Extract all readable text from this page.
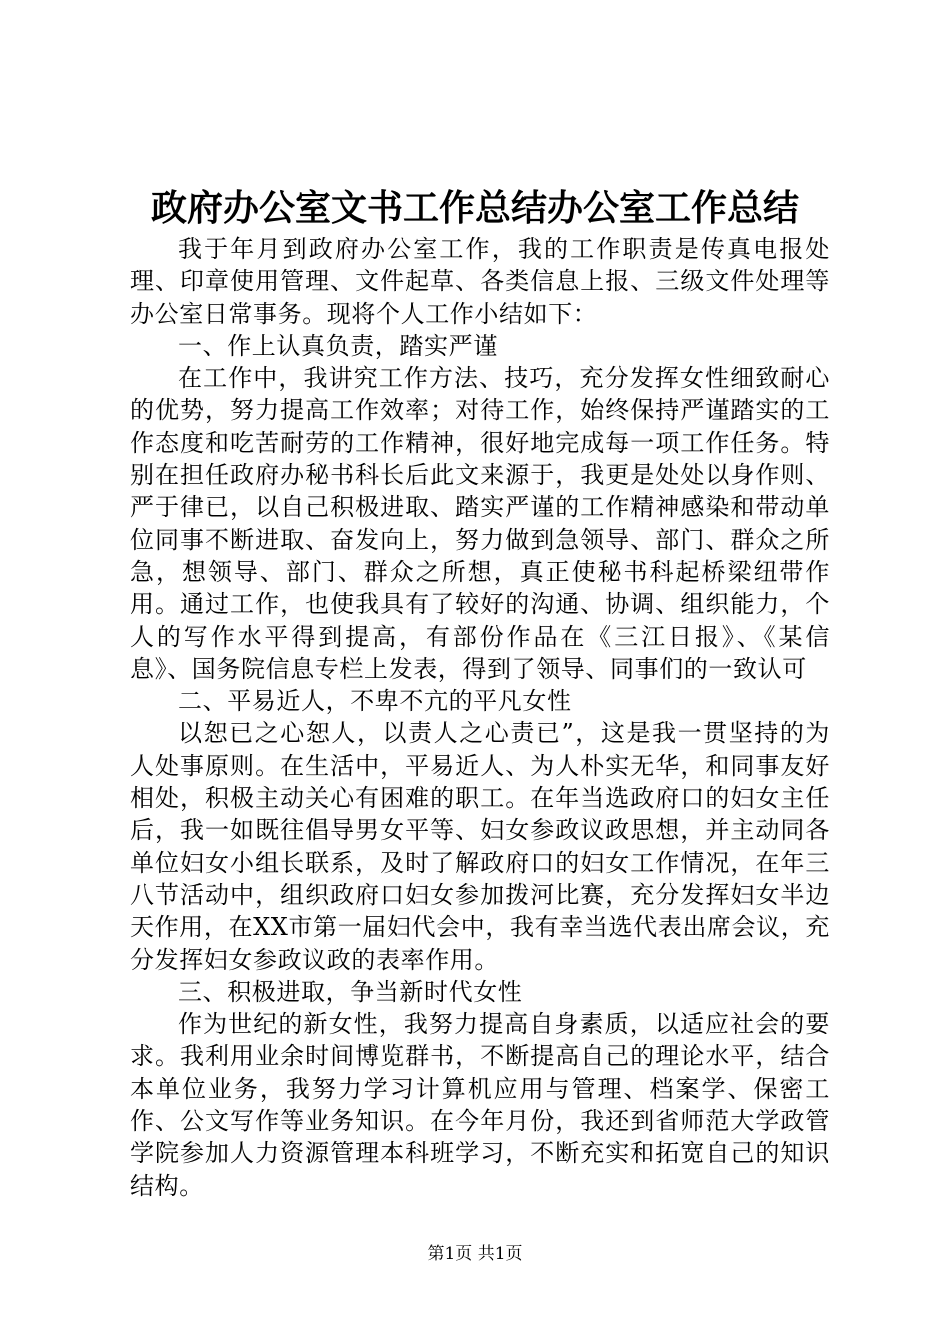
政府办公室文书工作总结办公室工作总结

我于年月到政府办公室工作，我的工作职责是传真电报处理、印章使用管理、文件起草、各类信息上报、三级文件处理等办公室日常事务。现将个人工作小结如下：

一、作上认真负责，踏实严谨

在工作中，我讲究工作方法、技巧，充分发挥女性细致耐心的优势，努力提高工作效率；对待工作，始终保持严谨踏实的工作态度和吃苦耐劳的工作精神，很好地完成每一项工作任务。特别在担任政府办秘书科长后此文来源于，我更是处处以身作则、严于律已，以自己积极进取、踏实严谨的工作精神感染和带动单位同事不断进取、奋发向上，努力做到急领导、部门、群众之所急，想领导、部门、群众之所想，真正使秘书科起桥梁纽带作用。通过工作，也使我具有了较好的沟通、协调、组织能力，个人的写作水平得到提高，有部份作品在《三江日报》、《某信息》、国务院信息专栏上发表，得到了领导、同事们的一致认可

二、平易近人，不卑不亢的平凡女性

以恕已之心恕人，以责人之心责已”，这是我一贯坚持的为人处事原则。在生活中，平易近人、为人朴实无华，和同事友好相处，积极主动关心有困难的职工。在年当选政府口的妇女主任后，我一如既往倡导男女平等、妇女参政议政思想，并主动同各单位妇女小组长联系，及时了解政府口的妇女工作情况，在年三八节活动中，组织政府口妇女参加拨河比赛，充分发挥妇女半边天作用，在XX市第一届妇代会中，我有幸当选代表出席会议，充分发挥妇女参政议政的表率作用。

三、积极进取，争当新时代女性

作为世纪的新女性，我努力提高自身素质，以适应社会的要求。我利用业余时间博览群书，不断提高自己的理论水平，结合本单位业务，我努力学习计算机应用与管理、档案学、保密工作、公文写作等业务知识。在今年月份，我还到省师范大学政管学院参加人力资源管理本科班学习，不断充实和拓宽自己的知识结构。

第1页 共1页
